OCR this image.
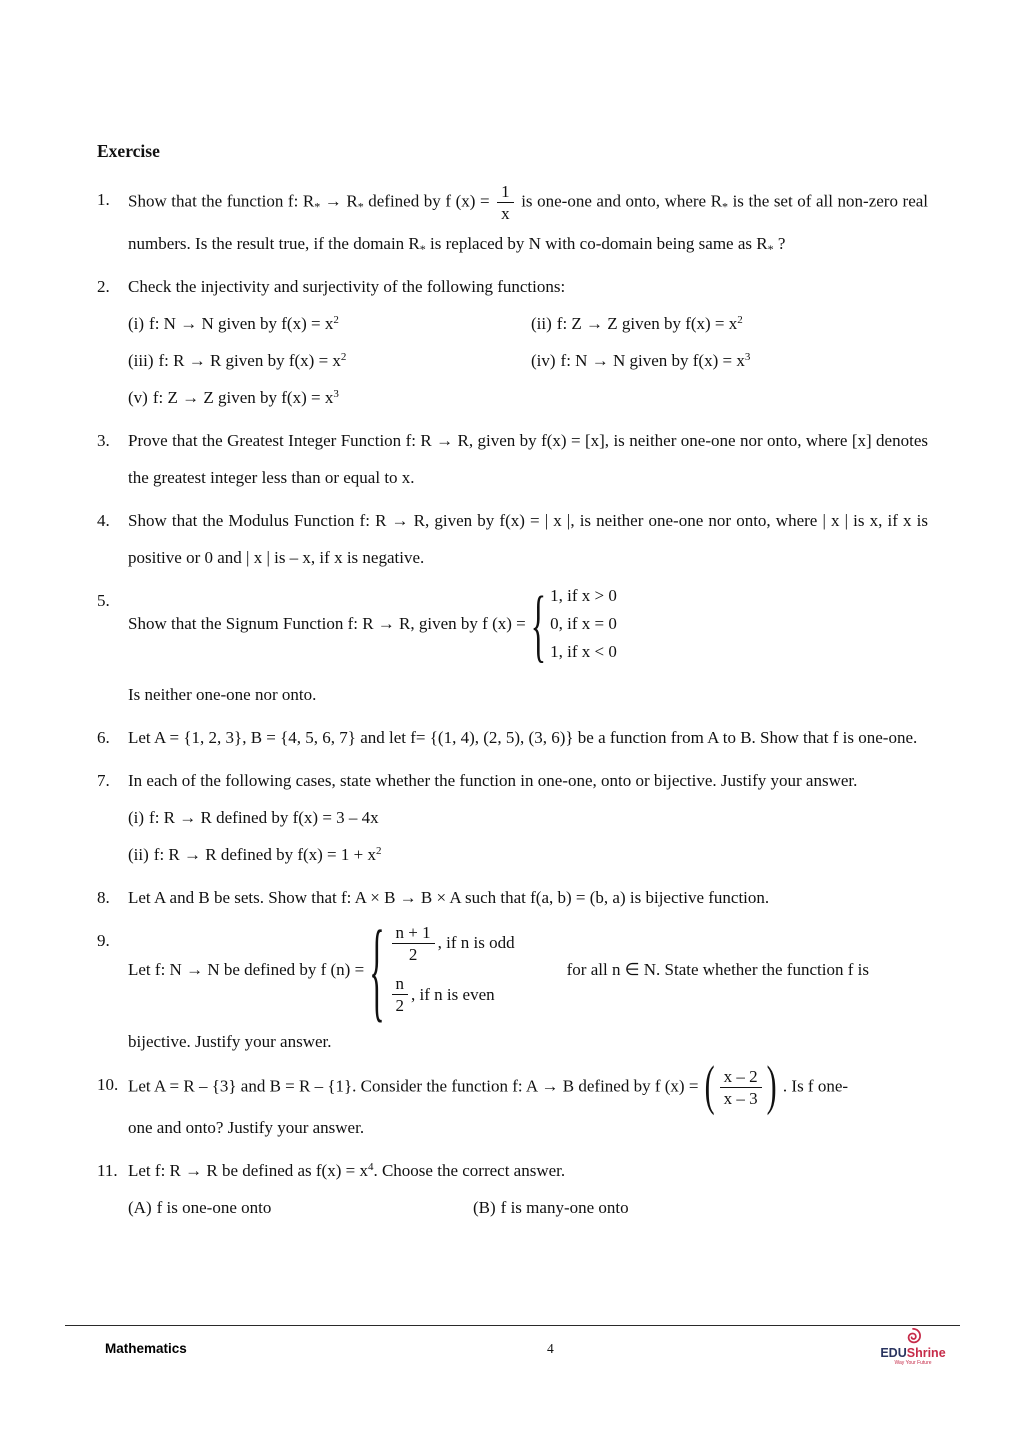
Exercise
1. Show that the function f: $R_* \to R_*$ defined by f $(x) = \frac{1}{x}$ is one-one and onto, where $R_*$ is the set of all non-zero real numbers. Is the result true, if the domain $R_*$ is replaced by N with co-domain being same as $R_*$ ?

2. Check the injectivity and surjectivity of the following functions:

(i) f: N → N given by $f(x) = x^2$	(ii) f: Z → Z given by $f(x) = x^2$
(iii) f: R → R given by $f(x) = x^2$	(iv) f: N → N given by $f(x) = x^3$
(v) f: Z → Z given by $f(x) = x^3$
3. Prove that the Greatest Integer Function f: R → R, given by f(x) = [x], is neither one-one nor onto, where [x] denotes the greatest integer less than or equal to x.

4. Show that the Modulus Function f: R → R, given by f(x) = | x |, is neither one-one nor onto, where | x | is x, if x is positive or 0 and | x | is – x, if x is negative.

5.
Show that the Signum Function f: R → R, given by f (x) = { 1, if x > 0
0, if x = 0
1, if x < 0

Is neither one-one nor onto.

6. Let A = {1, 2, 3}, B = {4, 5, 6, 7} and let f= {(1, 4), (2, 5), (3, 6)} be a function from A to B. Show that f is one-one.

7. In each of the following cases, state whether the function in one-one, onto or bijective. Justify your answer.

(i) f: R → R defined by f(x) = 3 – 4x
(ii) f: R → R defined by $f(x) = 1 + x^2$
8. Let A and B be sets. Show that f: A × B → B × A such that f(a, b) = (b, a) is bijective function.

9.
Let f: N → N be defined by f (n) = { $\frac{n + 1}{2}$ , if n is odd
$\frac{n}{2}$ , if n is even
for all n ∈ N. State whether the function f is

bijective. Justify your answer.

10. Let A = R – {3} and B = R – {1}. Consider the function f: A → B defined by f (x) = ( $\frac{x - 2}{x - 3}$ ) . Is f one-

one and onto? Justify your answer.

11. Let f: R → R be defined as $f(x) = x^4$. Choose the correct answer.

(A) f is one-one onto	(B) f is many-one onto
Mathematics	4	EDUShrine
Way Your Future
